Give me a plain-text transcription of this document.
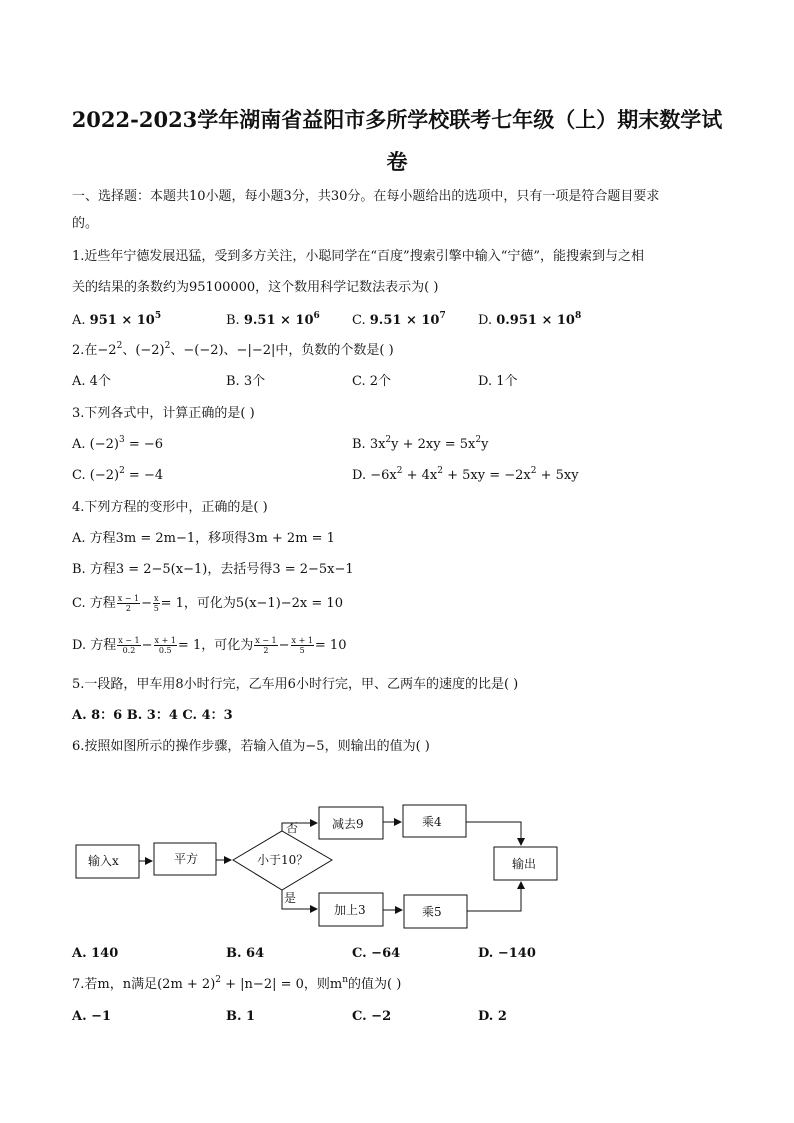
2022-2023学年湖南省益阳市多所学校联考七年级（上）期末数学试
卷
一、选择题：本题共10小题，每小题3分，共30分。在每小题给出的选项中，只有一项是符合题目要求
的。
1.近些年宁德发展迅猛，受到多方关注，小聪同学在“百度”搜索引擎中输入“宁德”，能搜索到与之相
关的结果的条数约为95100000，这个数用科学记数法表示为( )
A. $951 \times 10^5$	B. $9.51 \times 10^6$ C. $9.51 \times 10^7$ D. $0.951 \times 10^8$
2.在$-2^2$、$(-2)^2$、−(−2)、−|−2|中，负数的个数是( )
A. 4个	B. 3个	C. 2个	D. 1个
3.下列各式中，计算正确的是( )
A. $(-2)^3 = -6$	B. $3x^2y + 2xy = 5x^2y$
C. $(-2)^2 = -4$	D. $-6x^2 + 4x^2 + 5xy = -2x^2 + 5xy$
4.下列方程的变形中，正确的是( )
A. 方程3m = 2m−1，移项得3m + 2m = 1
B. 方程3 = 2−5(x−1)，去括号得3 = 2−5x−1
C. 方程 $\frac{x - 1}{2} - \frac{x}{5} = 1$，可化为5(x−1)−2x = 10
D. 方程 $\frac{x - 1}{0.2} - \frac{x + 1}{0.5} = 1$，可化为 $\frac{x - 1}{2} - \frac{x + 1}{5} = 10$
5.一段路，甲车用8小时行完，乙车用6小时行完，甲、乙两车的速度的比是( )
A. 8：6 B. 3：4 C. 4：3
6.按照如图所示的操作步骤，若输入值为−5，则输出的值为( )
输入x	平方	小于10？
否
是
减去9	乘4
加上3	乘5
输出
A. 140	B. 64	C. −64	D. −140
7.若m，n满足$(2m + 2)^2 + |n-2| = 0$，则$m^n$的值为( )
A. −1	B. 1	C. −2	D. 2
